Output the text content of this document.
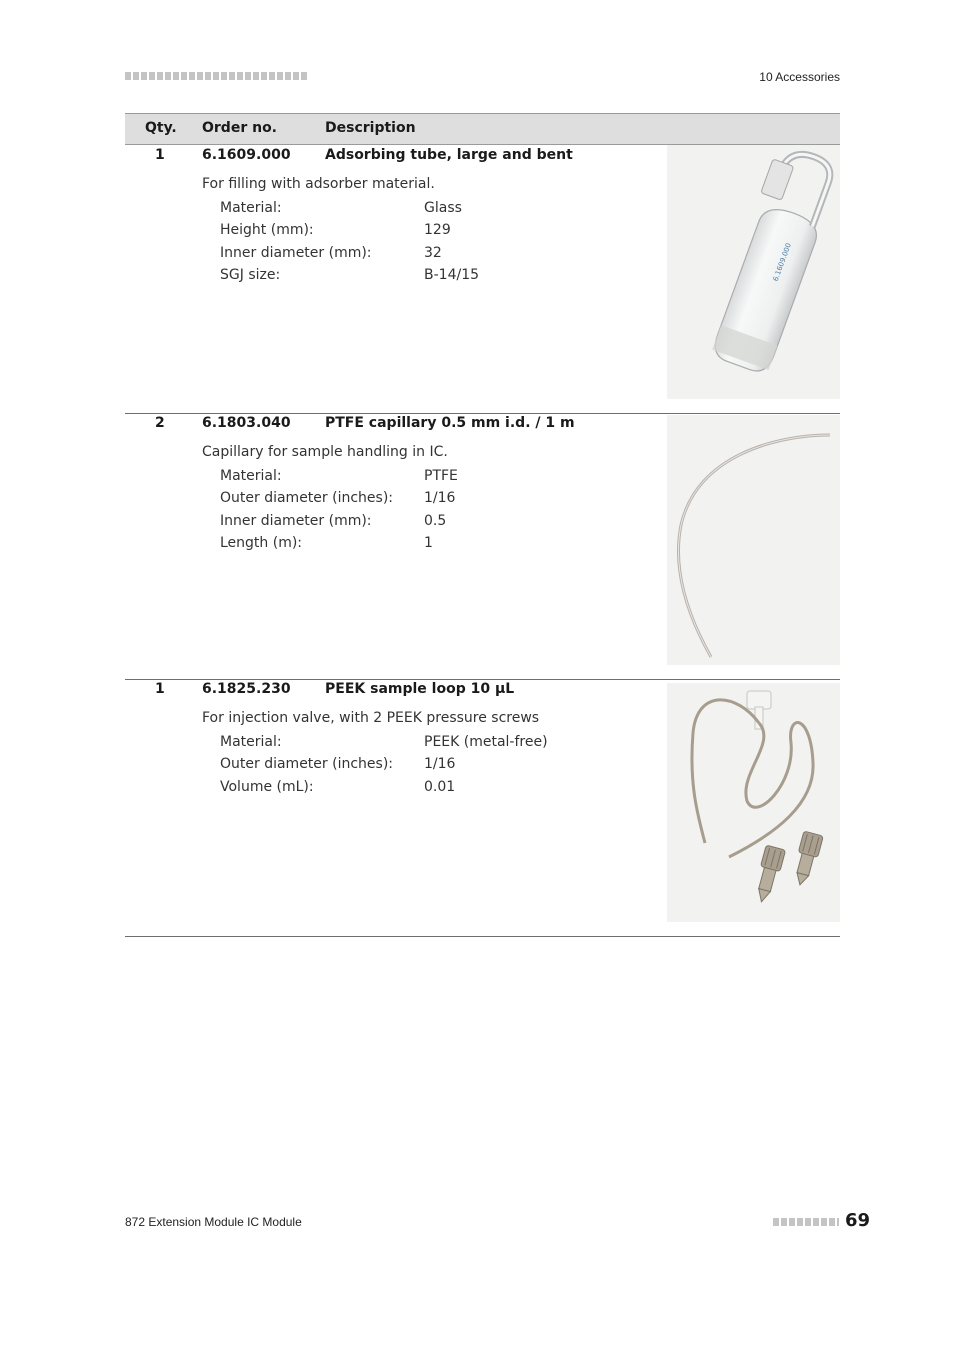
10 Accessories
Qty. Order no.	Description
1	6.1609.000 Adsorbing tube, large and bent
For filling with adsorber material.
Material:	Glass
Height (mm):	129
Inner diameter (mm):	32
SGJ size:	B-14/15	6.1609.000
2	6.1803.040 PTFE capillary 0.5 mm i.d. / 1 m
Capillary for sample handling in IC.
Material:	PTFE
Outer diameter (inches): 1/16
Inner diameter (mm):	0.5
Length (m):	1
1	6.1825.230 PEEK sample loop 10 µL
For injection valve, with 2 PEEK pressure screws
Material:	PEEK (metal-free)
Outer diameter (inches): 1/16
Volume (mL):	0.01
872 Extension Module IC Module	69
